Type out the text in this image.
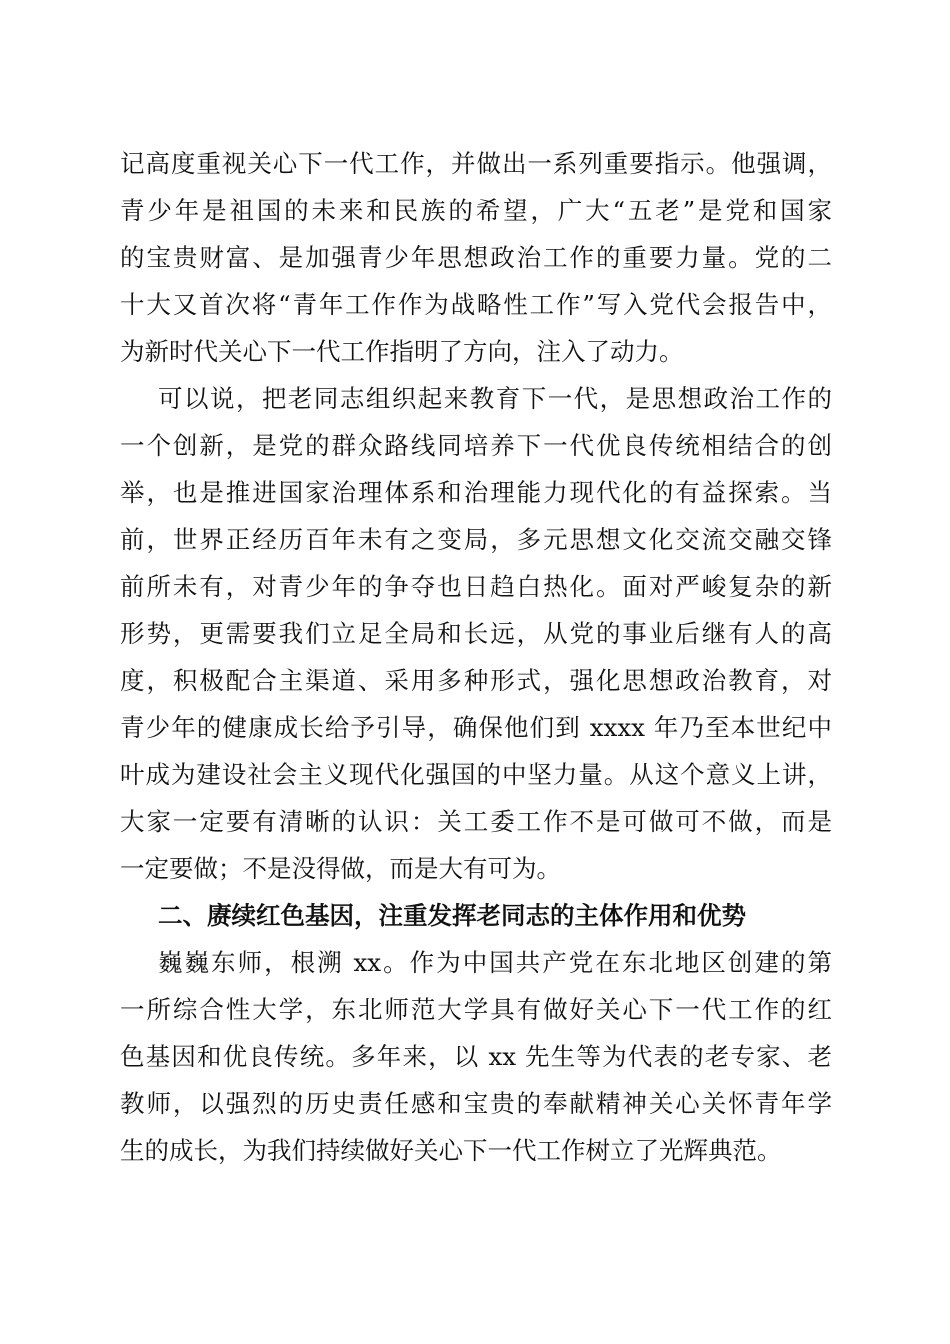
记高度重视关心下一代工作，并做出一系列重要指示。他强调，
青少年是祖国的未来和民族的希望，广大“五老”是党和国家
的宝贵财富、是加强青少年思想政治工作的重要力量。党的二
十大又首次将“青年工作作为战略性工作”写入党代会报告中，
为新时代关心下一代工作指明了方向，注入了动力。
可以说，把老同志组织起来教育下一代，是思想政治工作的
一个创新，是党的群众路线同培养下一代优良传统相结合的创
举，也是推进国家治理体系和治理能力现代化的有益探索。当
前，世界正经历百年未有之变局，多元思想文化交流交融交锋
前所未有，对青少年的争夺也日趋白热化。面对严峻复杂的新
形势，更需要我们立足全局和长远，从党的事业后继有人的高
度，积极配合主渠道、采用多种形式，强化思想政治教育，对
青少年的健康成长给予引导，确保他们到 xxxx 年乃至本世纪中
叶成为建设社会主义现代化强国的中坚力量。从这个意义上讲，
大家一定要有清晰的认识：关工委工作不是可做可不做，而是
一定要做；不是没得做，而是大有可为。
二、赓续红色基因，注重发挥老同志的主体作用和优势
巍巍东师，根溯 xx。作为中国共产党在东北地区创建的第
一所综合性大学，东北师范大学具有做好关心下一代工作的红
色基因和优良传统。多年来，以 xx 先生等为代表的老专家、老
教师，以强烈的历史责任感和宝贵的奉献精神关心关怀青年学
生的成长，为我们持续做好关心下一代工作树立了光辉典范。
